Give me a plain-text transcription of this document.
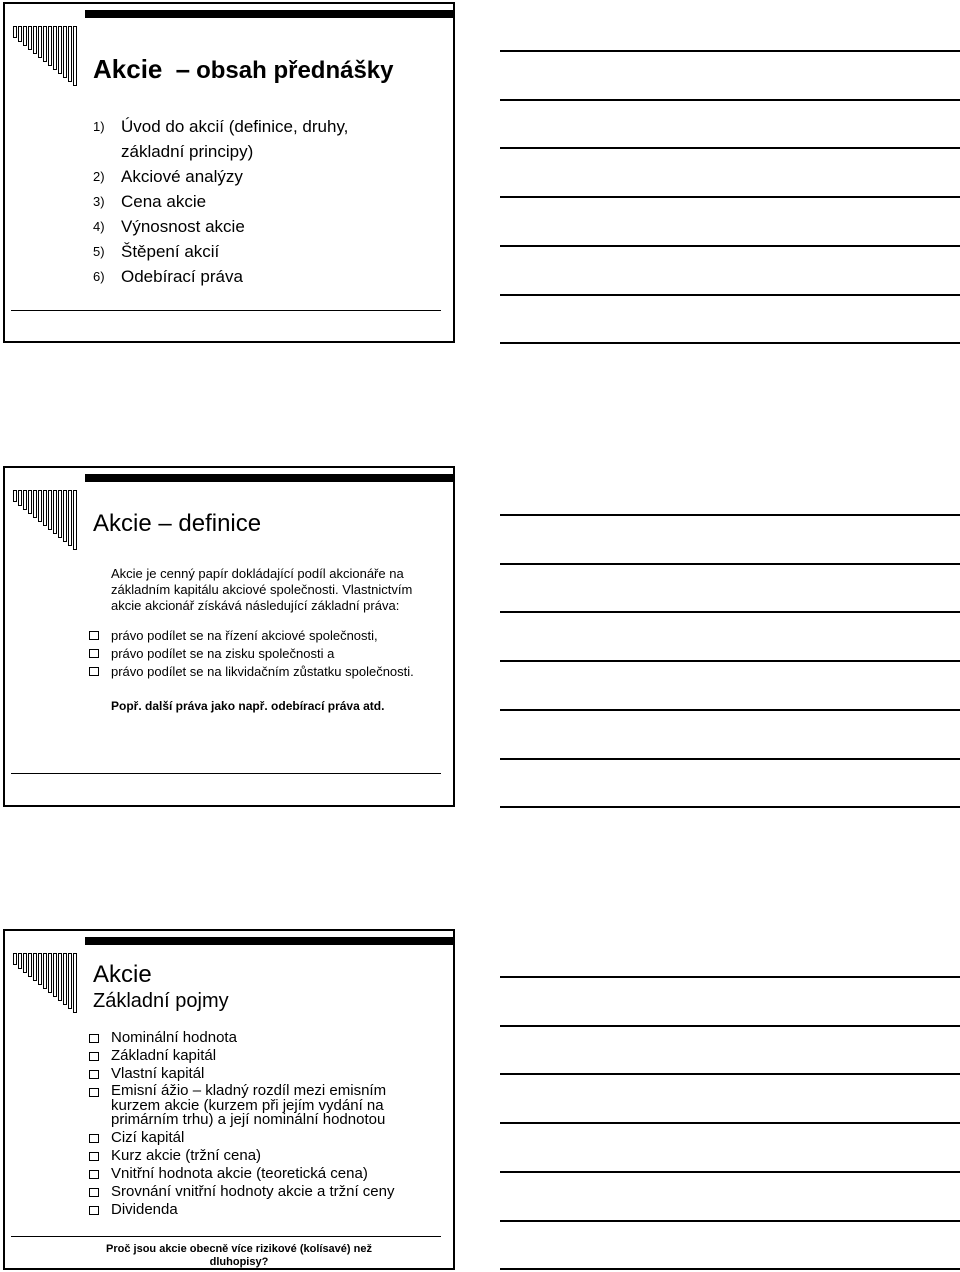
Akcie – obsah přednášky
1) Úvod do akcií (definice, druhy,
základní principy)
2) Akciové analýzy
3) Cena akcie
4) Výnosnost akcie
5) Štěpení akcií
6) Odebírací práva
Akcie – definice
Akcie je cenný papír dokládající podíl akcionáře na
základním kapitálu akciové společnosti. Vlastnictvím
akcie akcionář získává následující základní práva:
právo podílet se na řízení akciové společnosti,
právo podílet se na zisku společnosti a
právo podílet se na likvidačním zůstatku společnosti.
Popř. další práva jako např. odebírací práva atd.
Akcie
Základní pojmy
Nominální hodnota
Základní kapitál
Vlastní kapitál
Emisní ážio – kladný rozdíl mezi emisním
kurzem akcie (kurzem při jejím vydání na
primárním trhu) a její nominální hodnotou
Cizí kapitál
Kurz akcie (tržní cena)
Vnitřní hodnota akcie (teoretická cena)
Srovnání vnitřní hodnoty akcie a tržní ceny
Dividenda
Proč jsou akcie obecně více rizikové (kolísavé) než
dluhopisy?
